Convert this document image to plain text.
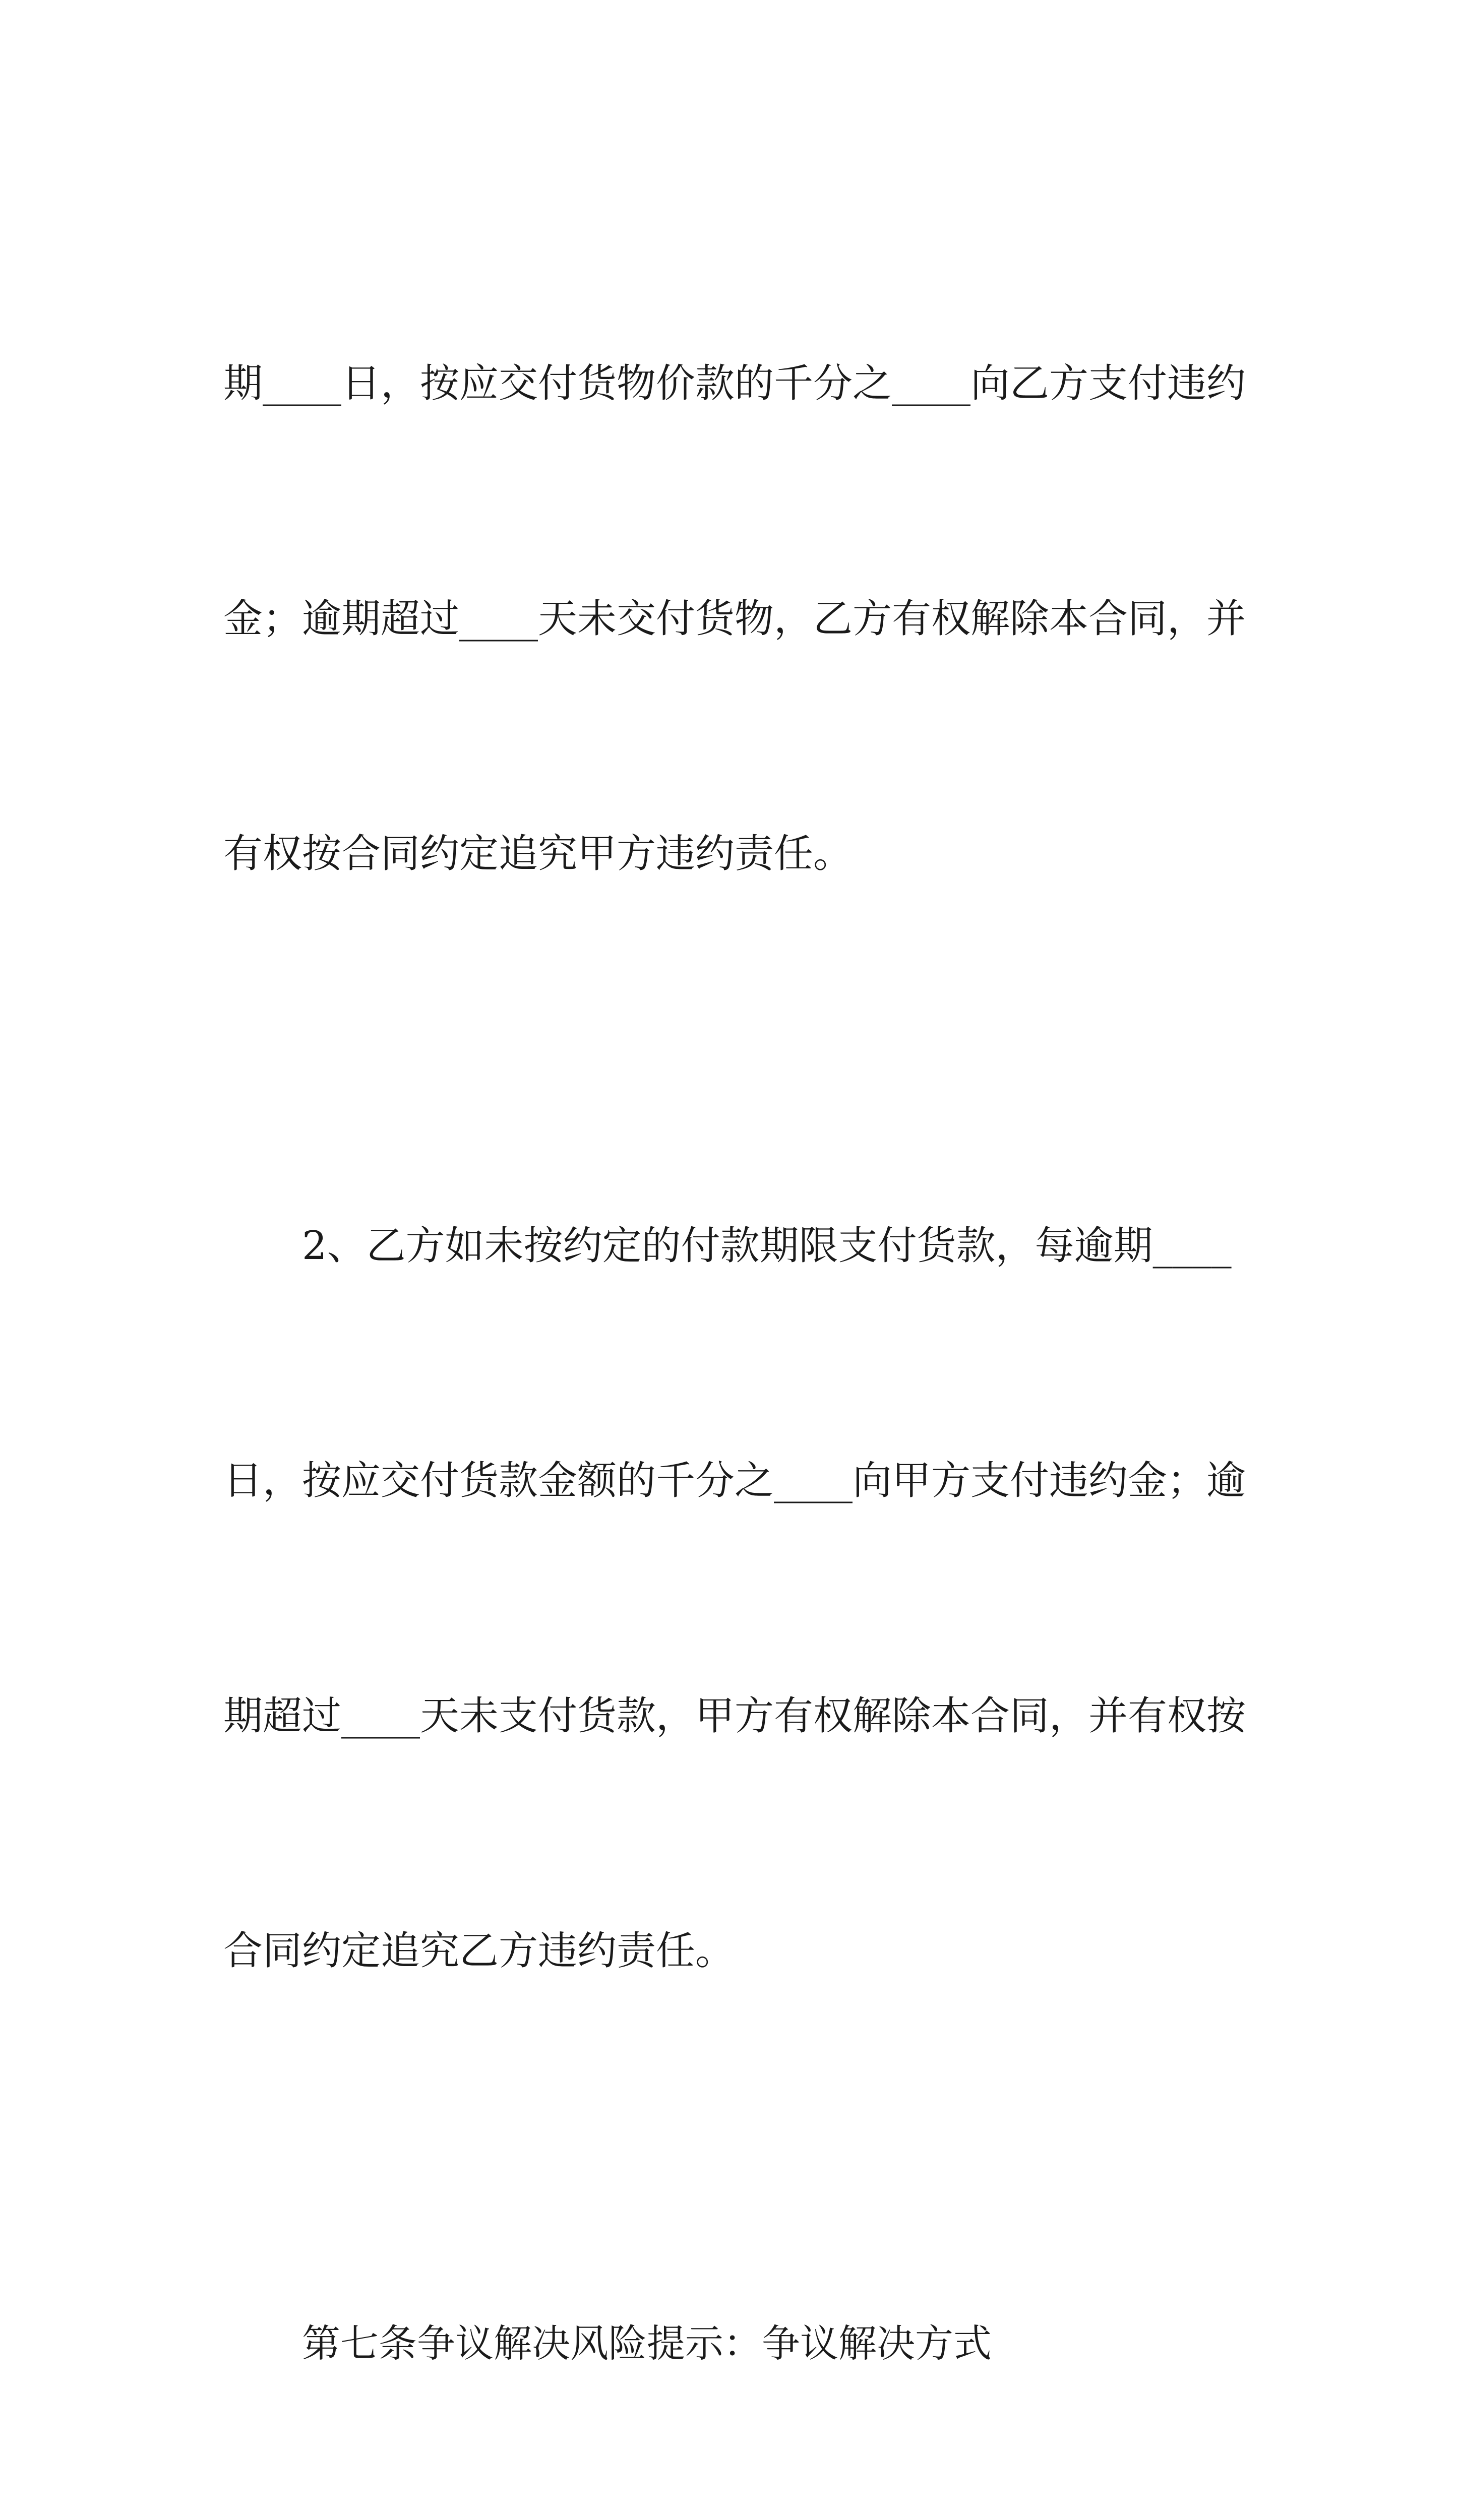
期____日，按应交付货物价款的千分之____向乙方支付违约

金；逾期超过____天未交付货物，乙方有权解除本合同，并

有权按合同约定追究甲方违约责任。

2、乙方如未按约定的付款期限支付货款，每逾期____

日，按应交付货款金额的千分之____向甲方支付违约金；逾

期超过____天未支付货款，甲方有权解除本合同，并有权按

合同约定追究乙方违约责任。

第七条争议解决风险提示：争议解决方式
